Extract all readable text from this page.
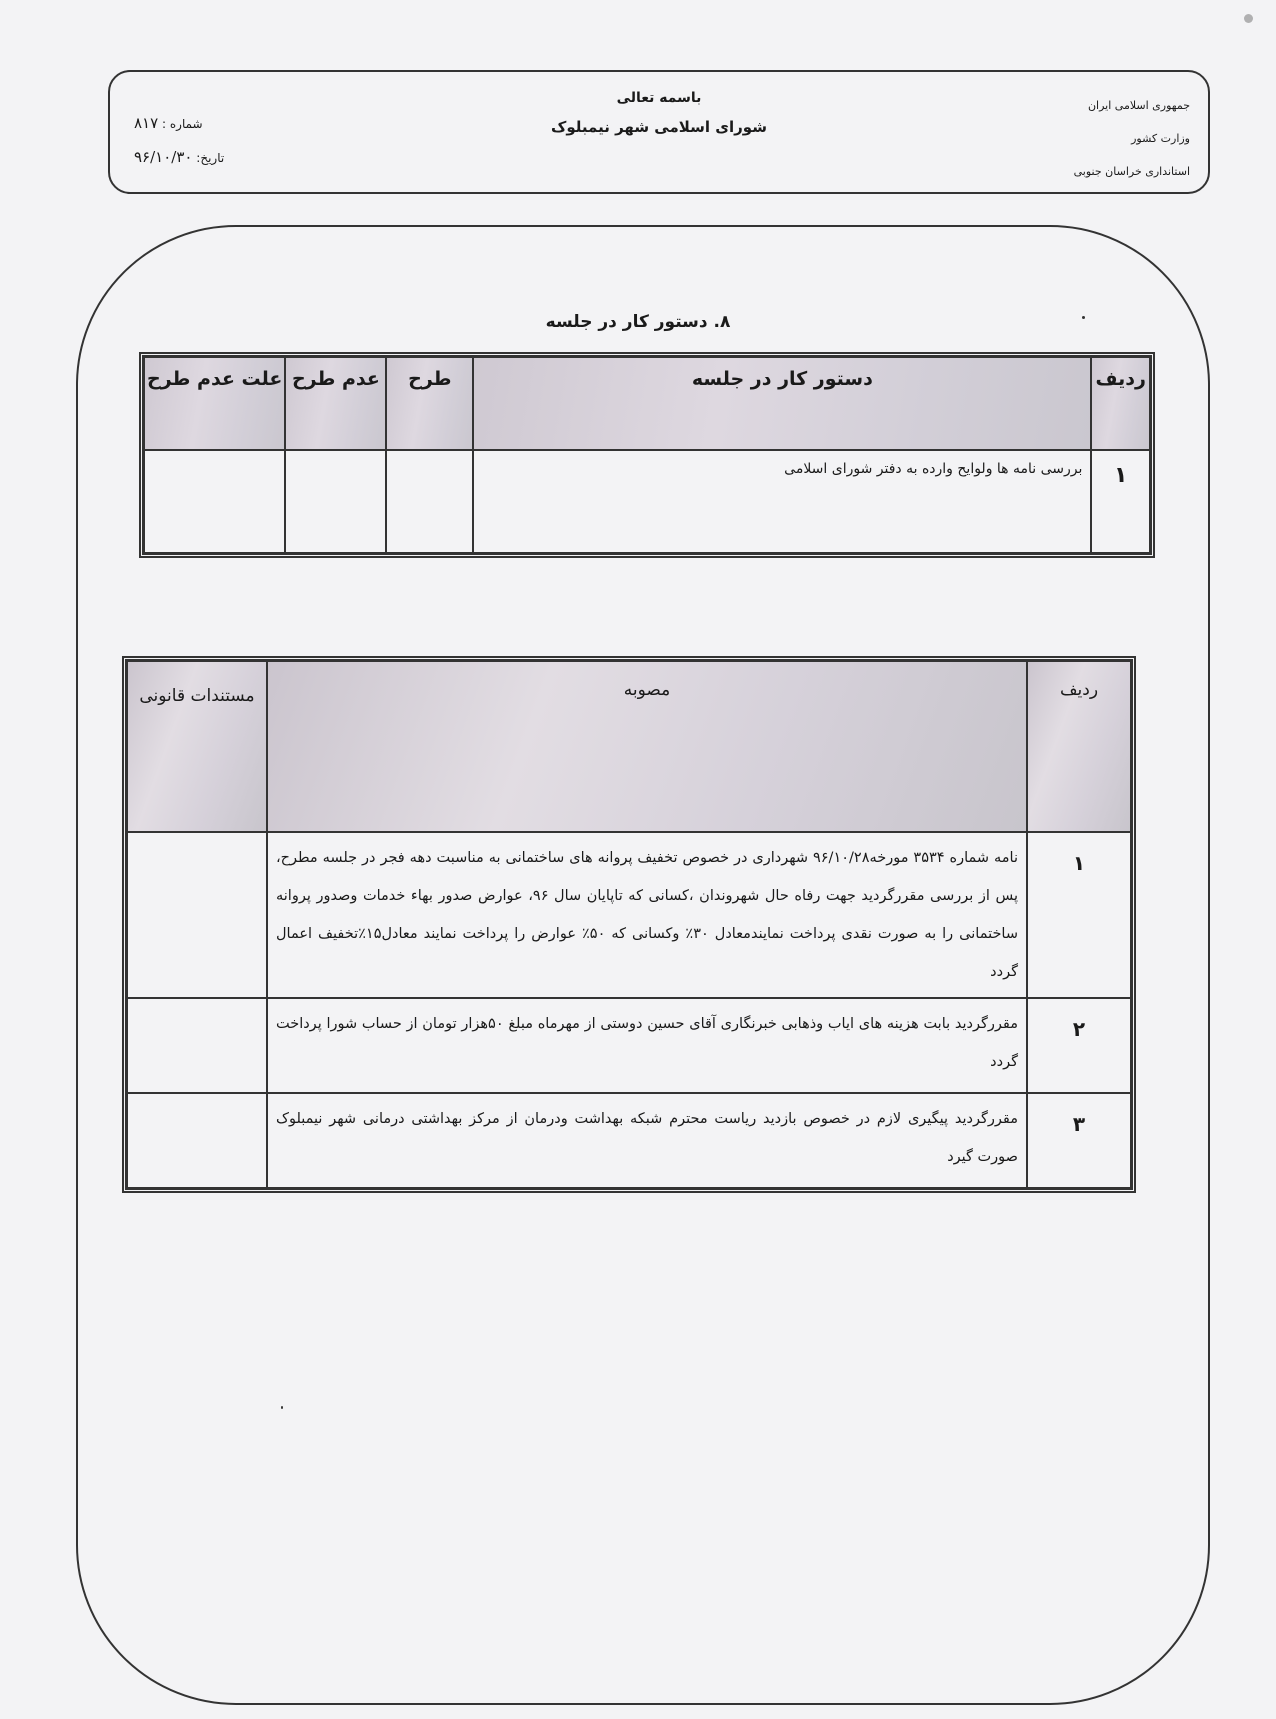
جمهوری اسلامی ایران
وزارت کشور
استانداری خراسان جنوبی
باسمه تعالی
شورای اسلامی شهر نیمبلوک
شماره : ۸۱۷
تاریخ: ۹۶/۱۰/۳۰
۸. دستور کار در جلسه
ردیف	دستور کار در جلسه	طرح	عدم طرح	علت عدم طرح
۱	بررسی نامه ها ولوایح وارده به دفتر شورای اسلامی			
ردیف	مصوبه	مستندات قانونی
۱	نامه شماره ۳۵۳۴ مورخه۹۶/۱۰/۲۸ شهرداری در خصوص تخفیف پروانه های ساختمانی به مناسبت دهه فجر در جلسه مطرح، پس از بررسی مقررگردید جهت رفاه حال شهروندان ،کسانی که تاپایان سال ۹۶، عوارض صدور بهاء خدمات وصدور پروانه ساختمانی را به صورت نقدی پرداخت نمایندمعادل ۳۰٪ وکسانی که ۵۰٪ عوارض را پرداخت نمایند معادل۱۵٪تخفیف اعمال گردد	
۲	مقررگردید بابت هزینه های ایاب وذهابی خبرنگاری آقای حسین دوستی از مهرماه مبلغ ۵۰هزار تومان از حساب شورا پرداخت گردد	
۳	مقررگردید پیگیری لازم در خصوص بازدید ریاست محترم شبکه بهداشت ودرمان از مرکز بهداشتی درمانی شهر نیمبلوک صورت گیرد	
